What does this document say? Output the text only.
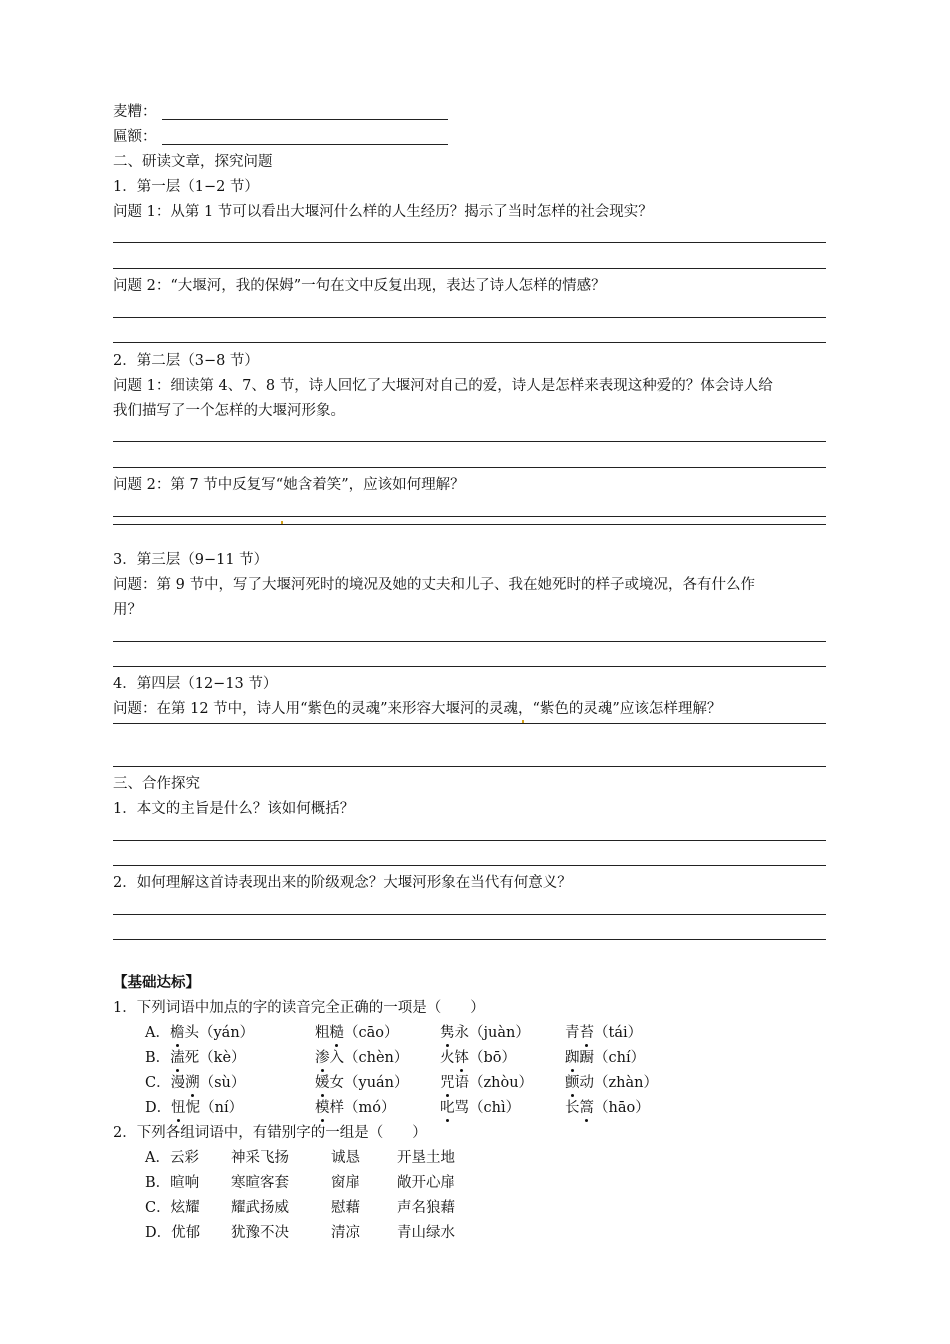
麦糟：
匾额：
二、研读文章，探究问题
1．第一层（1−2 节）
问题 1：从第 1 节可以看出大堰河什么样的人生经历？揭示了当时怎样的社会现实？
问题 2：“大堰河，我的保姆”一句在文中反复出现，表达了诗人怎样的情感？
2．第二层（3−8 节）
问题 1：细读第 4、7、8 节，诗人回忆了大堰河对自己的爱，诗人是怎样来表现这种爱的？体会诗人给
我们描写了一个怎样的大堰河形象。
问题 2：第 7 节中反复写“她含着笑”，应该如何理解？
3．第三层（9−11 节）
问题：第 9 节中，写了大堰河死时的境况及她的丈夫和儿子、我在她死时的样子或境况，各有什么作
用？
4．第四层（12−13 节）
问题：在第 12 节中，诗人用“紫色的灵魂”来形容大堰河的灵魂，“紫色的灵魂”应该怎样理解？
三、合作探究
1．本文的主旨是什么？该如何概括？
2．如何理解这首诗表现出来的阶级观念？大堰河形象在当代有何意义？
【基础达标】
1．下列词语中加点的字的读音完全正确的一项是（　　）
A．檐头（yán）	粗糙（cāo）	隽永（juàn） 青苔（tái）
B．溘死（kè）	渗入（chèn） 火钵（bō）	踟蹰（chí）
C．漫溯（sù）	媛女（yuán） 咒语（zhòu） 颤动（zhàn）
D．忸怩（ní）	模样（mó）	叱骂（chì）	长篙（hāo）
2．下列各组词语中，有错别字的一组是（　　）
A．云彩 神采飞扬	诚恳	开垦土地
B．暄响 寒暄客套	窗扉	敞开心扉
C．炫耀 耀武扬威	慰藉	声名狼藉
D．优郁 犹豫不决	清凉	青山绿水
